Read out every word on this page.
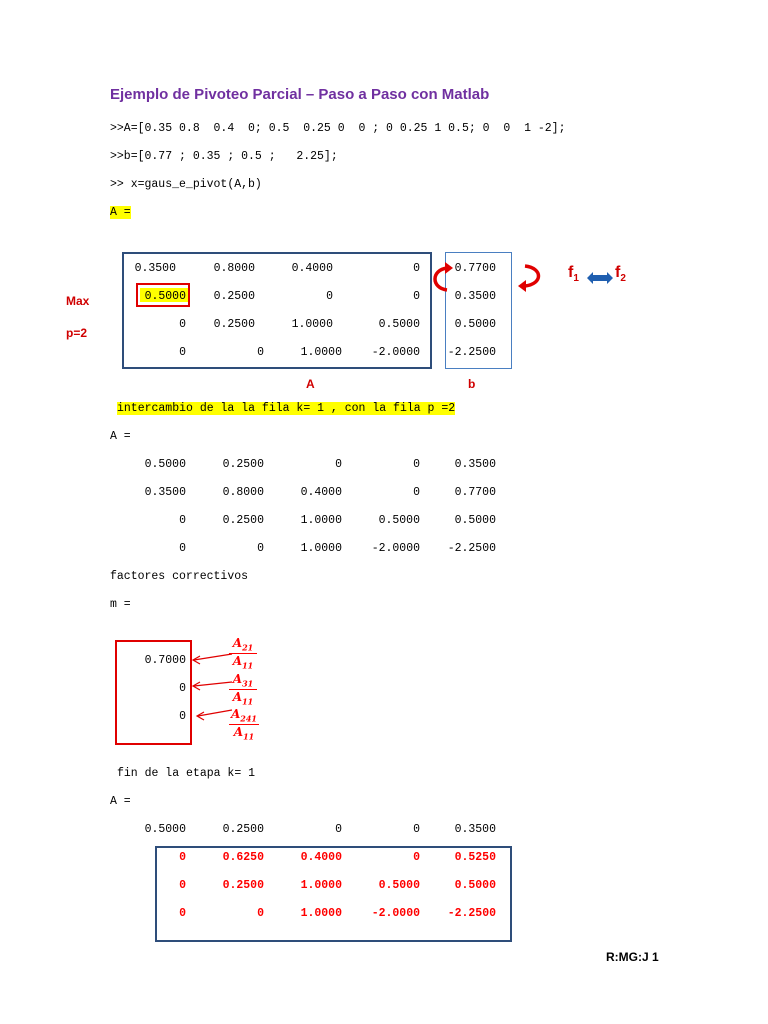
Ejemplo de Pivoteo Parcial – Paso a Paso con Matlab
>>A=[0.35 0.8  0.4  0; 0.5  0.25 0  0 ; 0 0.25 1 0.5; 0  0  1 -2];
>>b=[0.77 ; 0.35 ; 0.5 ;   2.25];
>> x=gaus_e_pivot(A,b)
A =
0.3500	0.8000	0.4000	0	0.7700
0.5000	0.2500	0	0	0.3500
0	0.2500	1.0000	0.5000	0.5000
0	0	1.0000	-2.0000	-2.2500
$f_1$ $f_2$
Max
p=2
A	b
intercambio de la la fila k= 1 , con la fila p =2
A =
0.5000	0.2500	0	0	0.3500
0.3500	0.8000	0.4000	0	0.7700
0	0.2500	1.0000	0.5000	0.5000
0	0	1.0000	-2.0000	-2.2500
factores correctivos
m =
0.7000
0
0
$\frac{A_{21}}{A_{11}}$
$\frac{A_{31}}{A_{11}}$
$\frac{A_{241}}{A_{11}}$
fin de la etapa k= 1
A =
0.5000	0.2500	0	0	0.3500
0	0.6250	0.4000	0	0.5250
0	0.2500	1.0000	0.5000	0.5000
0	0	1.0000	-2.0000	-2.2500
R:MG:J 1
